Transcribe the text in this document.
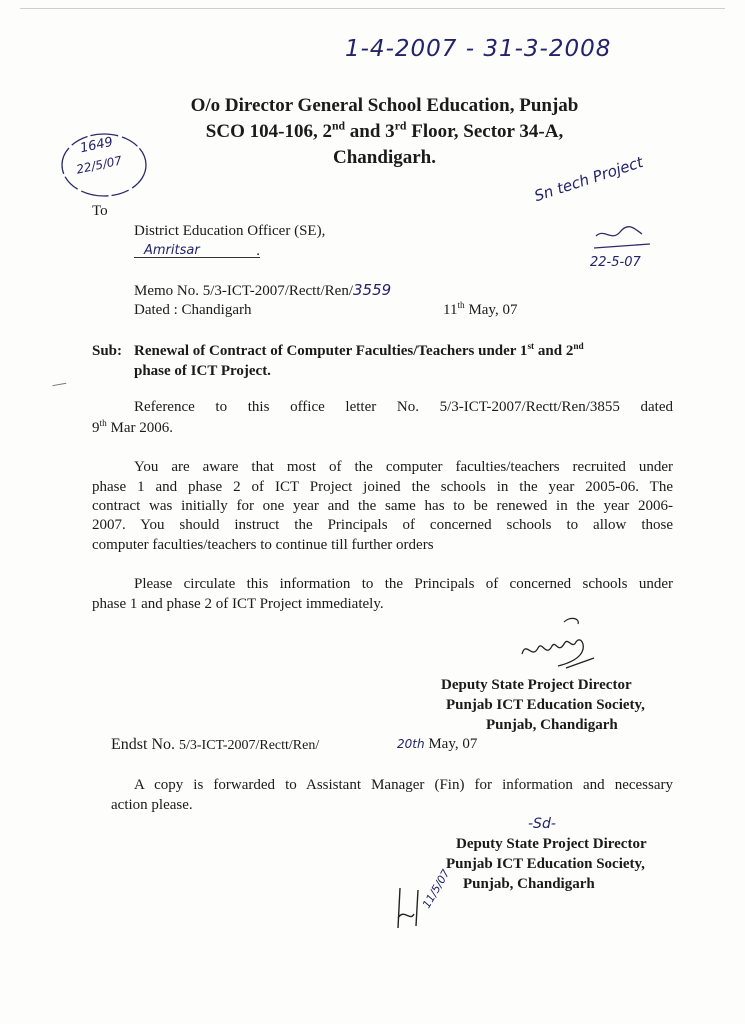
1-4-2007 - 31-3-2008
1649
22/5/07
O/o Director General School Education, Punjab
SCO 104-106, 2nd and 3rd Floor, Sector 34-A,
Chandigarh.	Sn tech Project
22-5-07
To
District Education Officer (SE),
Amritsar	.
Memo No. 5/3-ICT-2007/Rectt/Ren/3559
Dated : Chandigarh	11th May, 07
Sub: Renewal of Contract of Computer Faculties/Teachers under 1st and 2nd
phase of ICT Project.
Reference to this office letter No. 5/3-ICT-2007/Rectt/Ren/3855 dated
9th Mar 2006.
You are aware that most of the computer faculties/teachers recruited under
phase 1 and phase 2 of ICT Project joined the schools in the year 2005-06. The
contract was initially for one year and the same has to be renewed in the year 2006-
2007. You should instruct the Principals of concerned schools to allow those
computer faculties/teachers to continue till further orders
Please circulate this information to the Principals of concerned schools under
phase 1 and phase 2 of ICT Project immediately.
Deputy State Project Director
Punjab ICT Education Society,
Punjab, Chandigarh
Endst No. 5/3-ICT-2007/Rectt/Ren/	20th May, 07
A copy is forwarded to Assistant Manager (Fin) for information and necessary
action please.
-Sd-
Deputy State Project Director
Punjab ICT Education Society,
Punjab, Chandigarh
11/5/07
